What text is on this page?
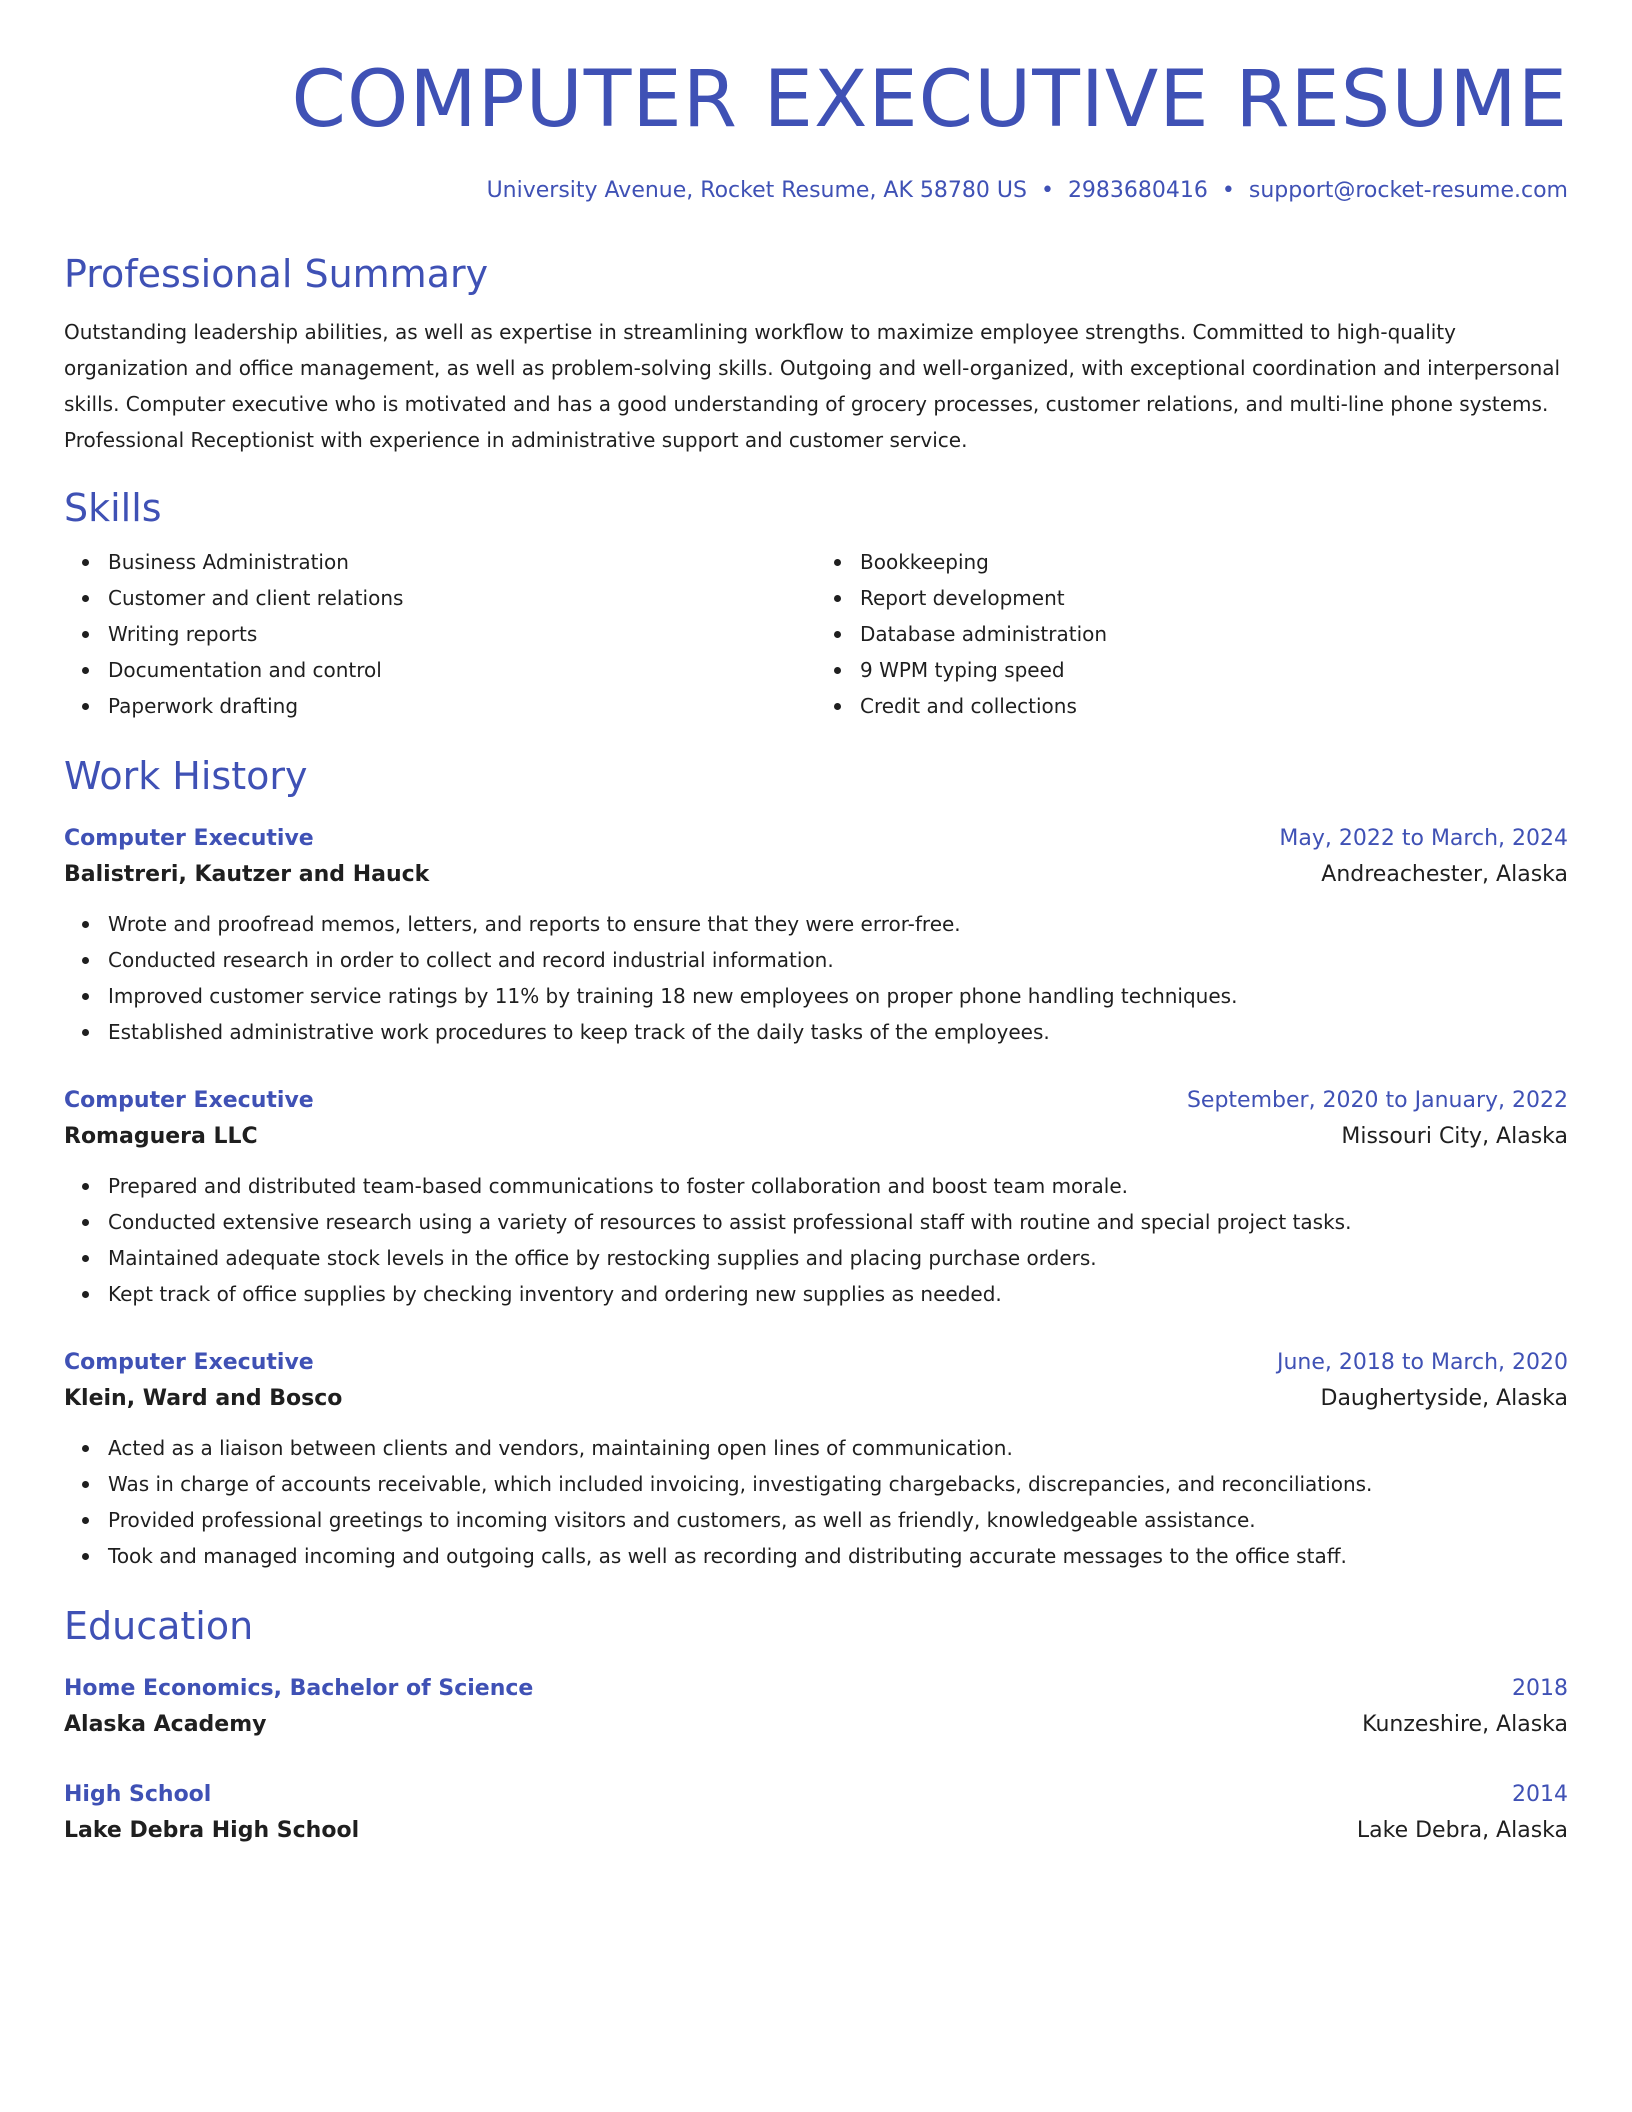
COMPUTER EXECUTIVE RESUME
University Avenue, Rocket Resume, AK 58780 US • 2983680416 • support@rocket-resume.com
Professional Summary

Outstanding leadership abilities, as well as expertise in streamlining workflow to maximize employee strengths. Committed to high-quality organization and office management, as well as problem-solving skills. Outgoing and well-organized, with exceptional coordination and interpersonal skills. Computer executive who is motivated and has a good understanding of grocery processes, customer relations, and multi-line phone systems. Professional Receptionist with experience in administrative support and customer service.

Skills
Business Administration
Customer and client relations
Writing reports
Documentation and control
Paperwork drafting
Bookkeeping
Report development
Database administration
9 WPM typing speed
Credit and collections
Work History
Computer Executive	May, 2022 to March, 2024
Balistreri, Kautzer and Hauck	Andreachester, Alaska
Wrote and proofread memos, letters, and reports to ensure that they were error-free.
Conducted research in order to collect and record industrial information.
Improved customer service ratings by 11% by training 18 new employees on proper phone handling techniques.
Established administrative work procedures to keep track of the daily tasks of the employees.
Computer Executive	September, 2020 to January, 2022
Romaguera LLC	Missouri City, Alaska
Prepared and distributed team-based communications to foster collaboration and boost team morale.
Conducted extensive research using a variety of resources to assist professional staff with routine and special project tasks.
Maintained adequate stock levels in the office by restocking supplies and placing purchase orders.
Kept track of office supplies by checking inventory and ordering new supplies as needed.
Computer Executive	June, 2018 to March, 2020
Klein, Ward and Bosco	Daughertyside, Alaska
Acted as a liaison between clients and vendors, maintaining open lines of communication.
Was in charge of accounts receivable, which included invoicing, investigating chargebacks, discrepancies, and reconciliations.
Provided professional greetings to incoming visitors and customers, as well as friendly, knowledgeable assistance.
Took and managed incoming and outgoing calls, as well as recording and distributing accurate messages to the office staff.
Education
Home Economics, Bachelor of Science	2018
Alaska Academy	Kunzeshire, Alaska
High School	2014
Lake Debra High School	Lake Debra, Alaska
